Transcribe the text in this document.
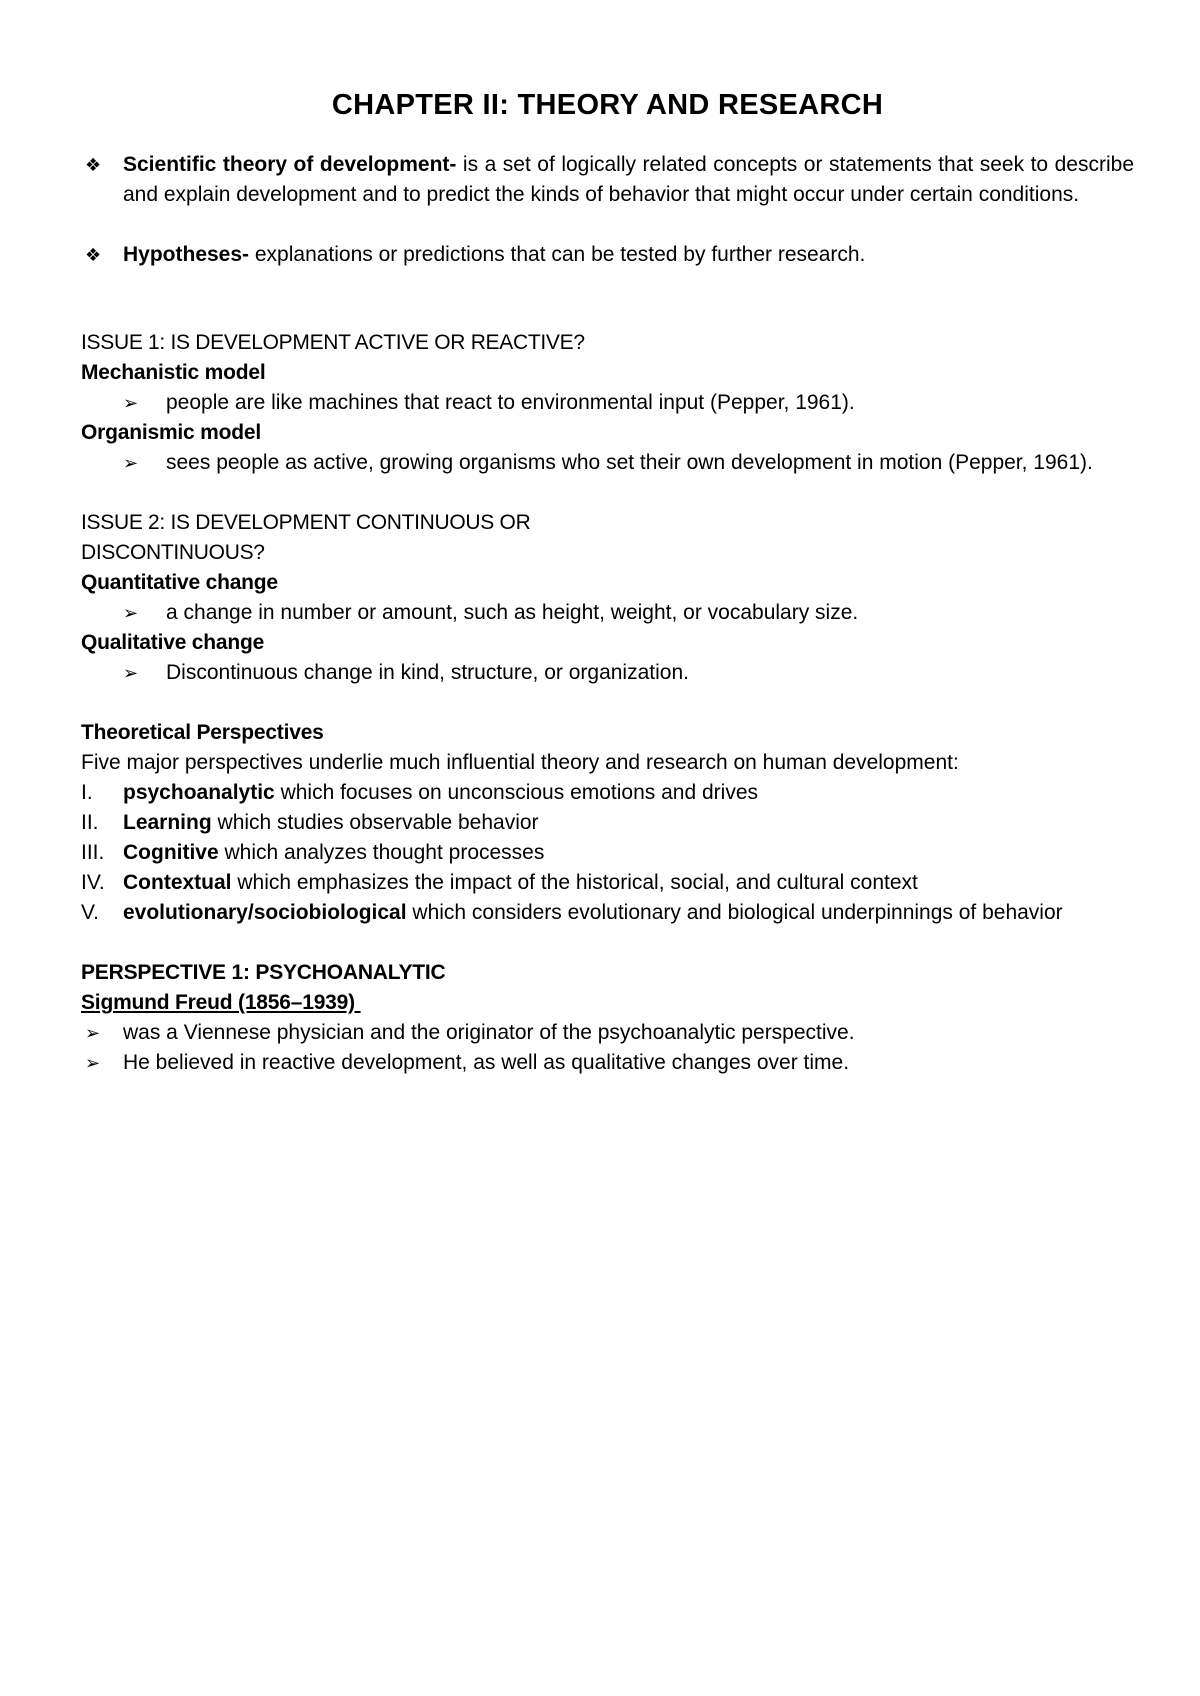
CHAPTER II: THEORY AND RESEARCH
❖ Scientific theory of development- is a set of logically related concepts or statements that seek to describe and explain development and to predict the kinds of behavior that might occur under certain conditions.
❖ Hypotheses- explanations or predictions that can be tested by further research.
ISSUE 1: IS DEVELOPMENT ACTIVE OR REACTIVE?
Mechanistic model
➢ people are like machines that react to environmental input (Pepper, 1961).
Organismic model
➢ sees people as active, growing organisms who set their own development in motion (Pepper, 1961).
ISSUE 2: IS DEVELOPMENT CONTINUOUS OR
DISCONTINUOUS?
Quantitative change
➢ a change in number or amount, such as height, weight, or vocabulary size.
Qualitative change
➢ Discontinuous change in kind, structure, or organization.
Theoretical Perspectives
Five major perspectives underlie much influential theory and research on human development:
I. psychoanalytic which focuses on unconscious emotions and drives
II. Learning which studies observable behavior
III. Cognitive which analyzes thought processes
IV. Contextual which emphasizes the impact of the historical, social, and cultural context
V. evolutionary/sociobiological which considers evolutionary and biological underpinnings of behavior
PERSPECTIVE 1: PSYCHOANALYTIC
Sigmund Freud (1856–1939)
➢ was a Viennese physician and the originator of the psychoanalytic perspective.
➢ He believed in reactive development, as well as qualitative changes over time.
